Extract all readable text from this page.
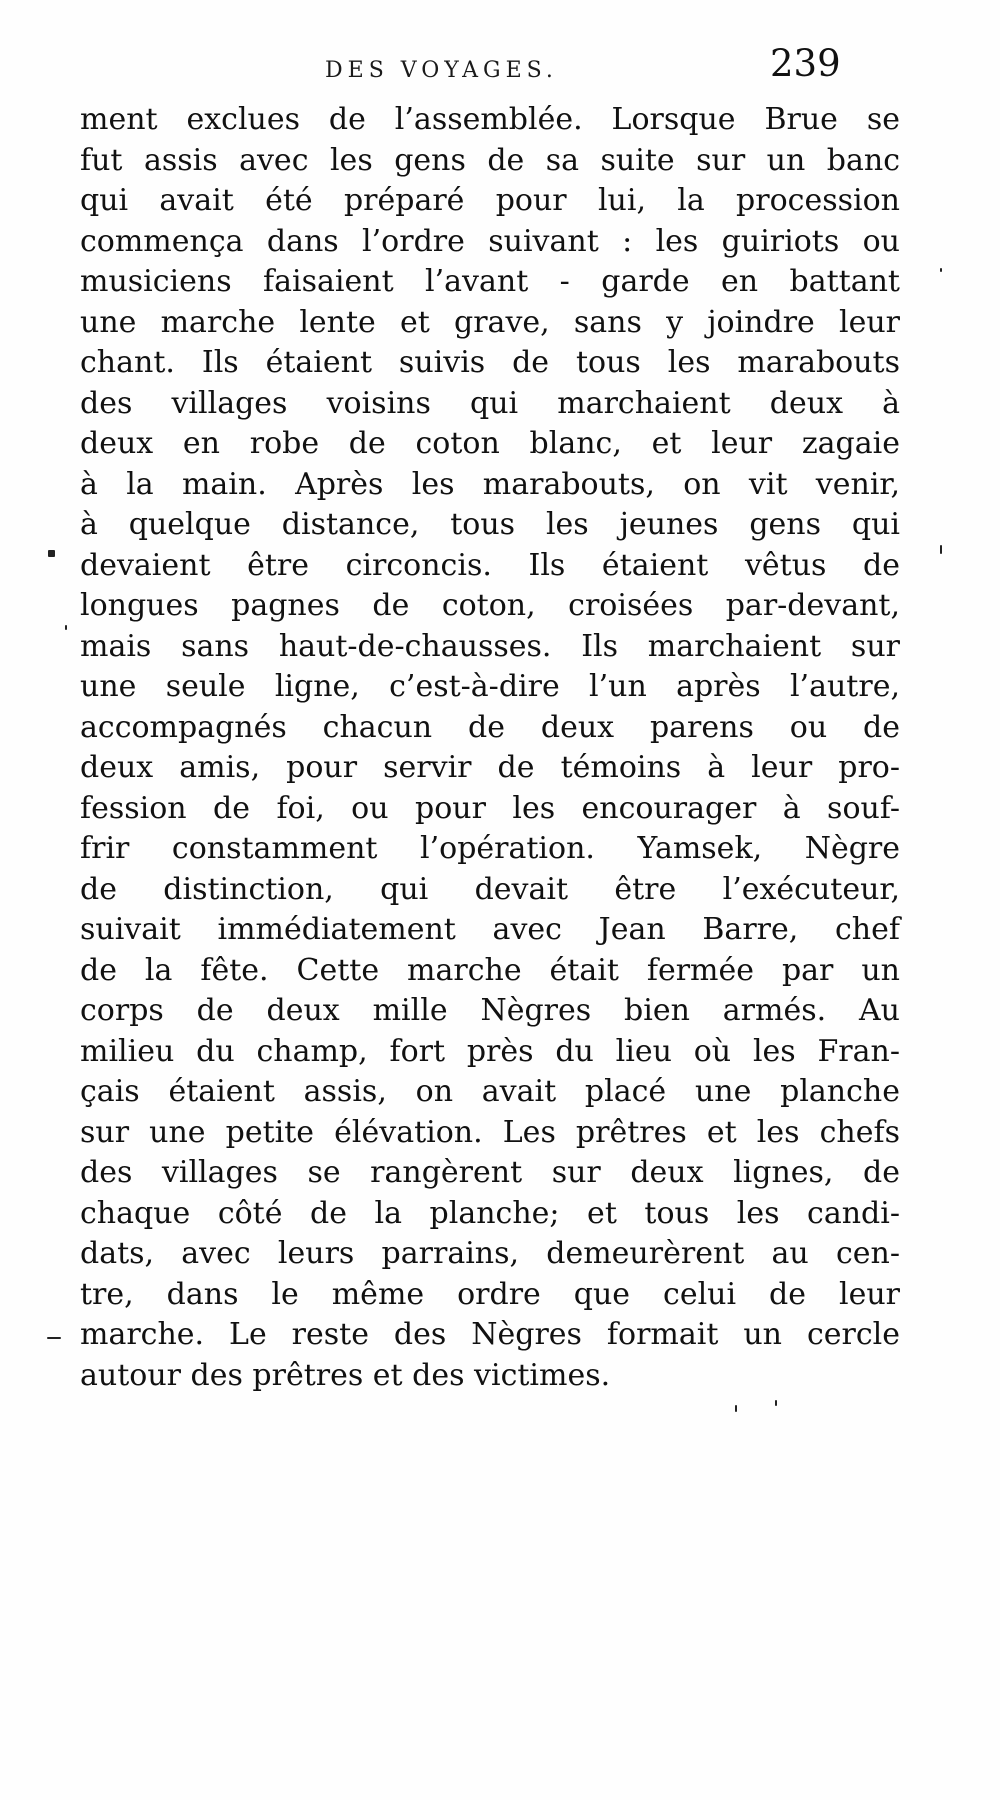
DES VOYAGES.	239
ment exclues de l’assemblée. Lorsque Brue se
fut assis avec les gens de sa suite sur un banc
qui avait été préparé pour lui, la procession
commença dans l’ordre suivant : les guiriots ou
musiciens faisaient l’avant - garde en battant
une marche lente et grave, sans y joindre leur
chant. Ils étaient suivis de tous les marabouts
des villages voisins qui marchaient deux à
deux en robe de coton blanc, et leur zagaie
à la main. Après les marabouts, on vit venir,
à quelque distance, tous les jeunes gens qui
devaient être circoncis. Ils étaient vêtus de
longues pagnes de coton, croisées par-devant,
mais sans haut-de-chausses. Ils marchaient sur
une seule ligne, c’est-à-dire l’un après l’autre,
accompagnés chacun de deux parens ou de
deux amis, pour servir de témoins à leur pro-
fession de foi, ou pour les encourager à souf-
frir constamment l’opération. Yamsek, Nègre
de distinction, qui devait être l’exécuteur,
suivait immédiatement avec Jean Barre, chef
de la fête. Cette marche était fermée par un
corps de deux mille Nègres bien armés. Au
milieu du champ, fort près du lieu où les Fran-
çais étaient assis, on avait placé une planche
sur une petite élévation. Les prêtres et les chefs
des villages se rangèrent sur deux lignes, de
chaque côté de la planche; et tous les candi-
dats, avec leurs parrains, demeurèrent au cen-
tre, dans le même ordre que celui de leur
marche. Le reste des Nègres formait un cercle
autour des prêtres et des victimes.
